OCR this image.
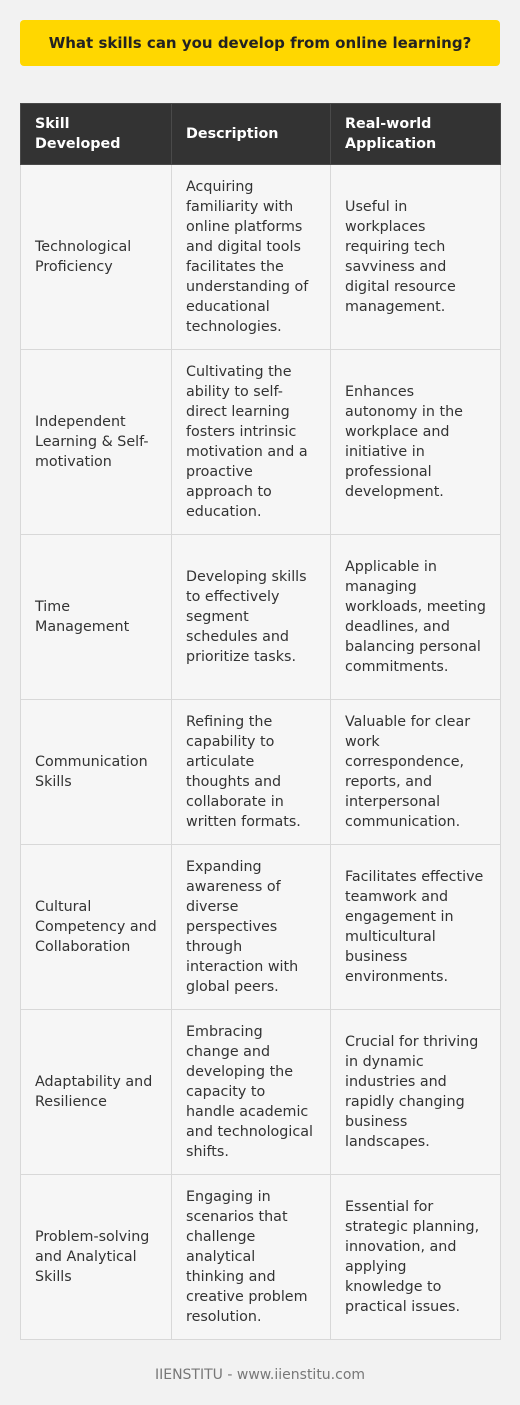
What skills can you develop from online learning?
Skill Developed	Description	Real-world Application
Technological Proficiency	Acquiring familiarity with online platforms and digital tools facilitates the understanding of educational technologies.	Useful in workplaces requiring tech savviness and digital resource management.
Independent Learning & Self-motivation	Cultivating the ability to self-direct learning fosters intrinsic motivation and a proactive approach to education.	Enhances autonomy in the workplace and initiative in professional development.
Time Management	Developing skills to effectively segment schedules and prioritize tasks.	Applicable in managing workloads, meeting deadlines, and balancing personal commitments.
Communication Skills	Refining the capability to articulate thoughts and collaborate in written formats.	Valuable for clear work correspondence, reports, and interpersonal communication.
Cultural Competency and Collaboration	Expanding awareness of diverse perspectives through interaction with global peers.	Facilitates effective teamwork and engagement in multicultural business environments.
Adaptability and Resilience	Embracing change and developing the capacity to handle academic and technological shifts.	Crucial for thriving in dynamic industries and rapidly changing business landscapes.
Problem-solving and Analytical Skills	Engaging in scenarios that challenge analytical thinking and creative problem resolution.	Essential for strategic planning, innovation, and applying knowledge to practical issues.
IIENSTITU - www.iienstitu.com
